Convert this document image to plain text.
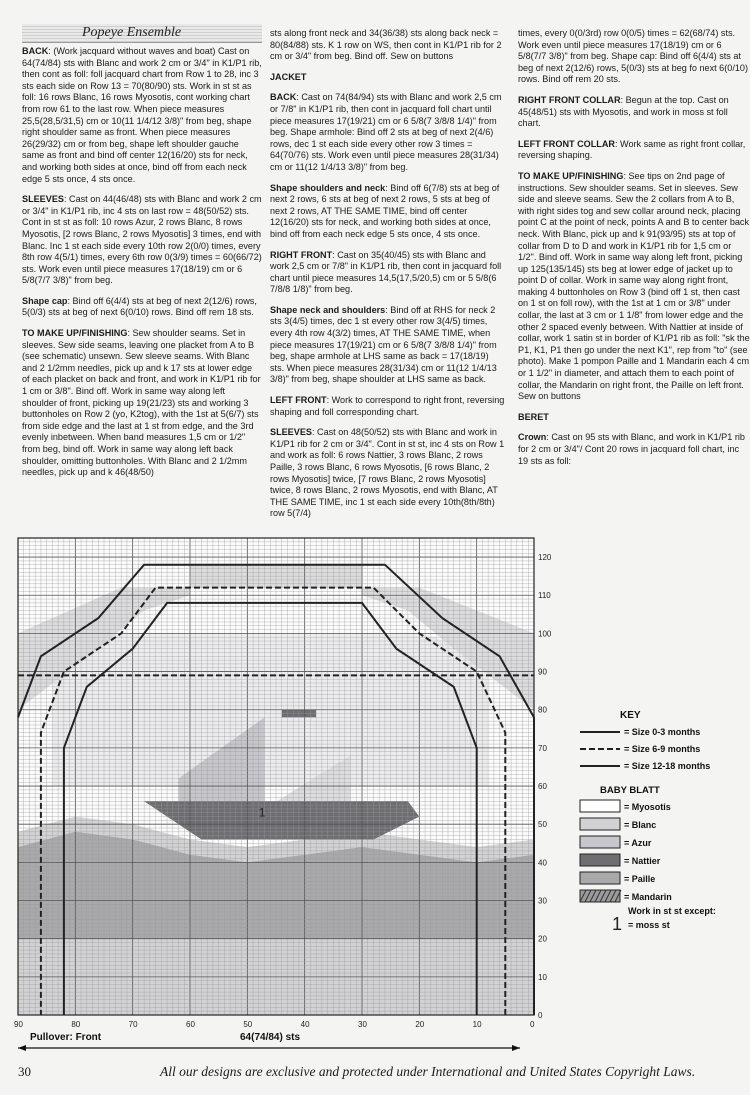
Popeye Ensemble

BACK: (Work jacquard without waves and boat) Cast on 64(74/84) sts with Blanc and work 2 cm or 3/4" in K1/P1 rib, then cont as foll: foll jacquard chart from Row 1 to 28, inc 3 sts each side on Row 13 = 70(80/90) sts. Work in st st as foll: 16 rows Blanc, 16 rows Myosotis, cont working chart from row 61 to the last row. When piece measures 25,5(28,5/31,5) cm or 10(11 1/4/12 3/8)" from beg, shape right shoulder same as front. When piece measures 26(29/32) cm or from beg, shape left shoulder gauche same as front and bind off center 12(16/20) sts for neck, and working both sides at once, bind off from each neck edge 5 sts once, 4 sts once.

SLEEVES: Cast on 44(46/48) sts with Blanc and work 2 cm or 3/4" in K1/P1 rib, inc 4 sts on last row = 48(50/52) sts. Cont in st st as foll: 10 rows Azur, 2 rows Blanc, 8 rows Myosotis, [2 rows Blanc, 2 rows Myosotis] 3 times, end with Blanc. Inc 1 st each side every 10th row 2(0/0) times, every 8th row 4(5/1) times, every 6th row 0(3/9) times = 60(66/72) sts. Work even until piece measures 17(18/19) cm or 6 5/8(7/7 3/8)" from beg.

Shape cap: Bind off 6(4/4) sts at beg of next 2(12/6) rows, 5(0/3) sts at beg of next 6(0/10) rows. Bind off rem 18 sts.

TO MAKE UP/FINISHING: Sew shoulder seams. Set in sleeves. Sew side seams, leaving one placket from A to B (see schematic) unsewn. Sew sleeve seams. With Blanc and 2 1/2mm needles, pick up and k 17 sts at lower edge of each placket on back and front, and work in K1/P1 rib for 1 cm or 3/8". Bind off. Work in same way along left shoulder of front, picking up 19(21/23) sts and working 3 buttonholes on Row 2 (yo, K2tog), with the 1st at 5(6/7) sts from side edge and the last at 1 st from edge, and the 3rd evenly inbetween. When band measures 1,5 cm or 1/2" from beg, bind off. Work in same way along left back shoulder, omitting buttonholes. With Blanc and 2 1/2mm needles, pick up and k 46(48/50)

sts along front neck and 34(36/38) sts along back neck = 80(84/88) sts. K 1 row on WS, then cont in K1/P1 rib for 2 cm or 3/4" from beg. Bind off. Sew on buttons

JACKET

BACK: Cast on 74(84/94) sts with Blanc and work 2,5 cm or 7/8" in K1/P1 rib, then cont in jacquard foll chart until piece measures 17(19/21) cm or 6 5/8(7 3/8/8 1/4)" from beg. Shape armhole: Bind off 2 sts at beg of next 2(4/6) rows, dec 1 st each side every other row 3 times = 64(70/76) sts. Work even until piece measures 28(31/34) cm or 11(12 1/4/13 3/8)" from beg.

Shape shoulders and neck: Bind off 6(7/8) sts at beg of next 2 rows, 6 sts at beg of next 2 rows, 5 sts at beg of next 2 rows, AT THE SAME TIME, bind off center 12(16/20) sts for neck, and working both sides at once, bind off from each neck edge 5 sts once, 4 sts once.

RIGHT FRONT: Cast on 35(40/45) sts with Blanc and work 2,5 cm or 7/8" in K1/P1 rib, then cont in jacquard foll chart until piece measures 14,5(17,5/20,5) cm or 5 5/8(6 7/8/8 1/8)" from beg.

Shape neck and shoulders: Bind off at RHS for neck 2 sts 3(4/5) times, dec 1 st every other row 3(4/5) times, every 4th row 4(3/2) times, AT THE SAME TIME, when piece measures 17(19/21) cm or 6 5/8(7 3/8/8 1/4)" from beg, shape armhole at LHS same as back = 17(18/19) sts. When piece measures 28(31/34) cm or 11(12 1/4/13 3/8)" from beg, shape shoulder at LHS same as back.

LEFT FRONT: Work to correspond to right front, reversing shaping and foll corresponding chart.

SLEEVES: Cast on 48(50/52) sts with Blanc and work in K1/P1 rib for 2 cm or 3/4". Cont in st st, inc 4 sts on Row 1 and work as foll: 6 rows Nattier, 3 rows Blanc, 2 rows Paille, 3 rows Blanc, 6 rows Myosotis, [6 rows Blanc, 2 rows Myosotis] twice, [7 rows Blanc, 2 rows Myosotis] twice, 8 rows Blanc, 2 rows Myosotis, end with Blanc, AT THE SAME TIME, inc 1 st each side every 10th(8th/8th) row 5(7/4)

times, every 0(0/3rd) row 0(0/5) times = 62(68/74) sts. Work even until piece measures 17(18/19) cm or 6 5/8(7/7 3/8)" from beg. Shape cap: Bind off 6(4/4) sts at beg of next 2(12/6) rows, 5(0/3) sts at beg fo next 6(0/10) rows. Bind off rem 20 sts.

RIGHT FRONT COLLAR: Begun at the top. Cast on 45(48/51) sts with Myosotis, and work in moss st foll chart.

LEFT FRONT COLLAR: Work same as right front collar, reversing shaping.

TO MAKE UP/FINISHING: See tips on 2nd page of instructions. Sew shoulder seams. Set in sleeves. Sew side and sleeve seams. Sew the 2 collars from A to B, with right sides tog and sew collar around neck, placing point C at the point of neck, points A and B to center back neck. With Blanc, pick up and k 91(93/95) sts at top of collar from D to D and work in K1/P1 rib for 1,5 cm or 1/2". Bind off. Work in same way along left front, picking up 125(135/145) sts beg at lower edge of jacket up to point D of collar. Work in same way along right front, making 4 buttonholes on Row 3 (bind off 1 st, then cast on 1 st on foll row), with the 1st at 1 cm or 3/8" under collar, the last at 3 cm or 1 1/8" from lower edge and the other 2 spaced evenly between. With Nattier at inside of collar, work 1 satin st in border of K1/P1 rib as foll: "sk the P1, K1, P1 then go under the next K1", rep from "to" (see photo). Make 1 pompon Paille and 1 Mandarin each 4 cm or 1 1/2" in diameter, and attach them to each point of collar, the Mandarin on right front, the Paille on left front. Sew on buttons

BERET

Crown: Cast on 95 sts with Blanc, and work in K1/P1 rib for 2 cm or 3/4"/ Cont 20 rows in jacquard foll chart, inc 19 sts as foll:

1
90	80	70	60	50	40	30	20	10	0
120
110
100
90
80
70
60
50
40
30
20
10
0
Pullover: Front	64(74/84) sts
KEY
= Size 0-3 months
= Size 6-9 months
= Size 12-18 months
BABY BLATT
= Myosotis
= Blanc
= Azur
= Nattier
= Paille
= Mandarin
1
Work in st st except:
= moss st
30	All our designs are exclusive and protected under International and United States Copyright Laws.
